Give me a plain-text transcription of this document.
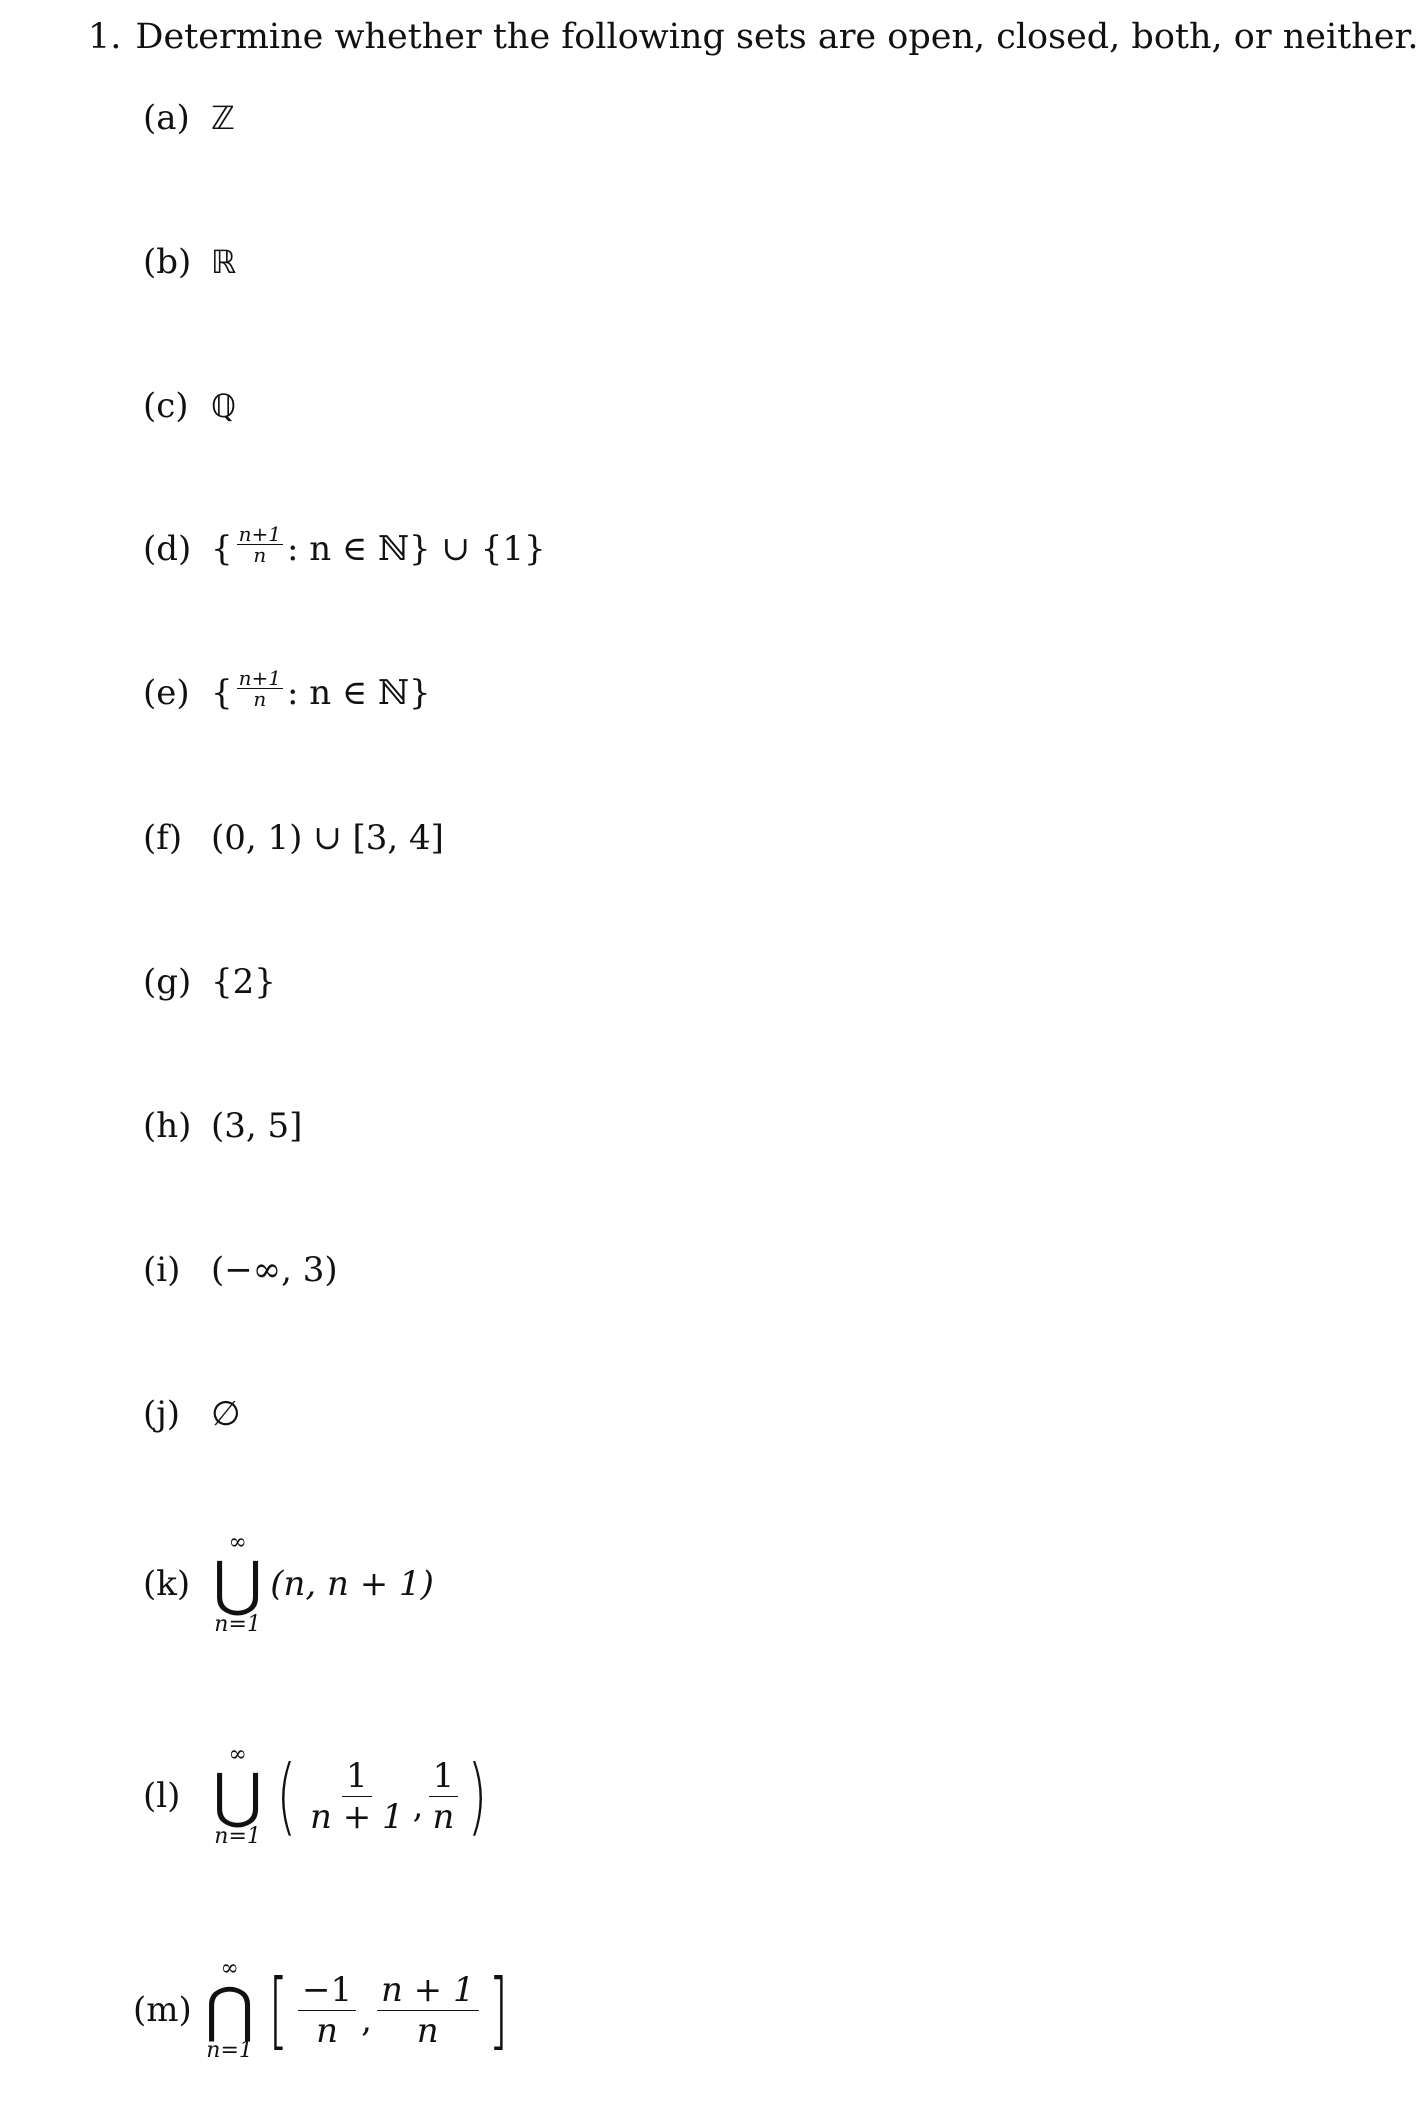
1. Determine whether the following sets are open, closed, both, or neither.
(a) ℤ
(b) ℝ
(c) ℚ
(d) { $\frac{n+1}{n}$ : n ∈ ℕ} ∪ {1}
(e) { $\frac{n+1}{n}$ : n ∈ ℕ}
(f) (0, 1) ∪ [3, 4]
(g) {2}
(h) (3, 5]
(i) (−∞, 3)
(j) ∅
(k)
∞
⋃
n=1
(n, n + 1)
(l)
∞
⋃
n=1 ( $\frac{1}{n + 1}$ , $\frac{1}{n}$ )
(m)
∞
⋂
n=1 [ $\frac{-1}{n}$ , $\frac{n + 1}{n}$ ]
